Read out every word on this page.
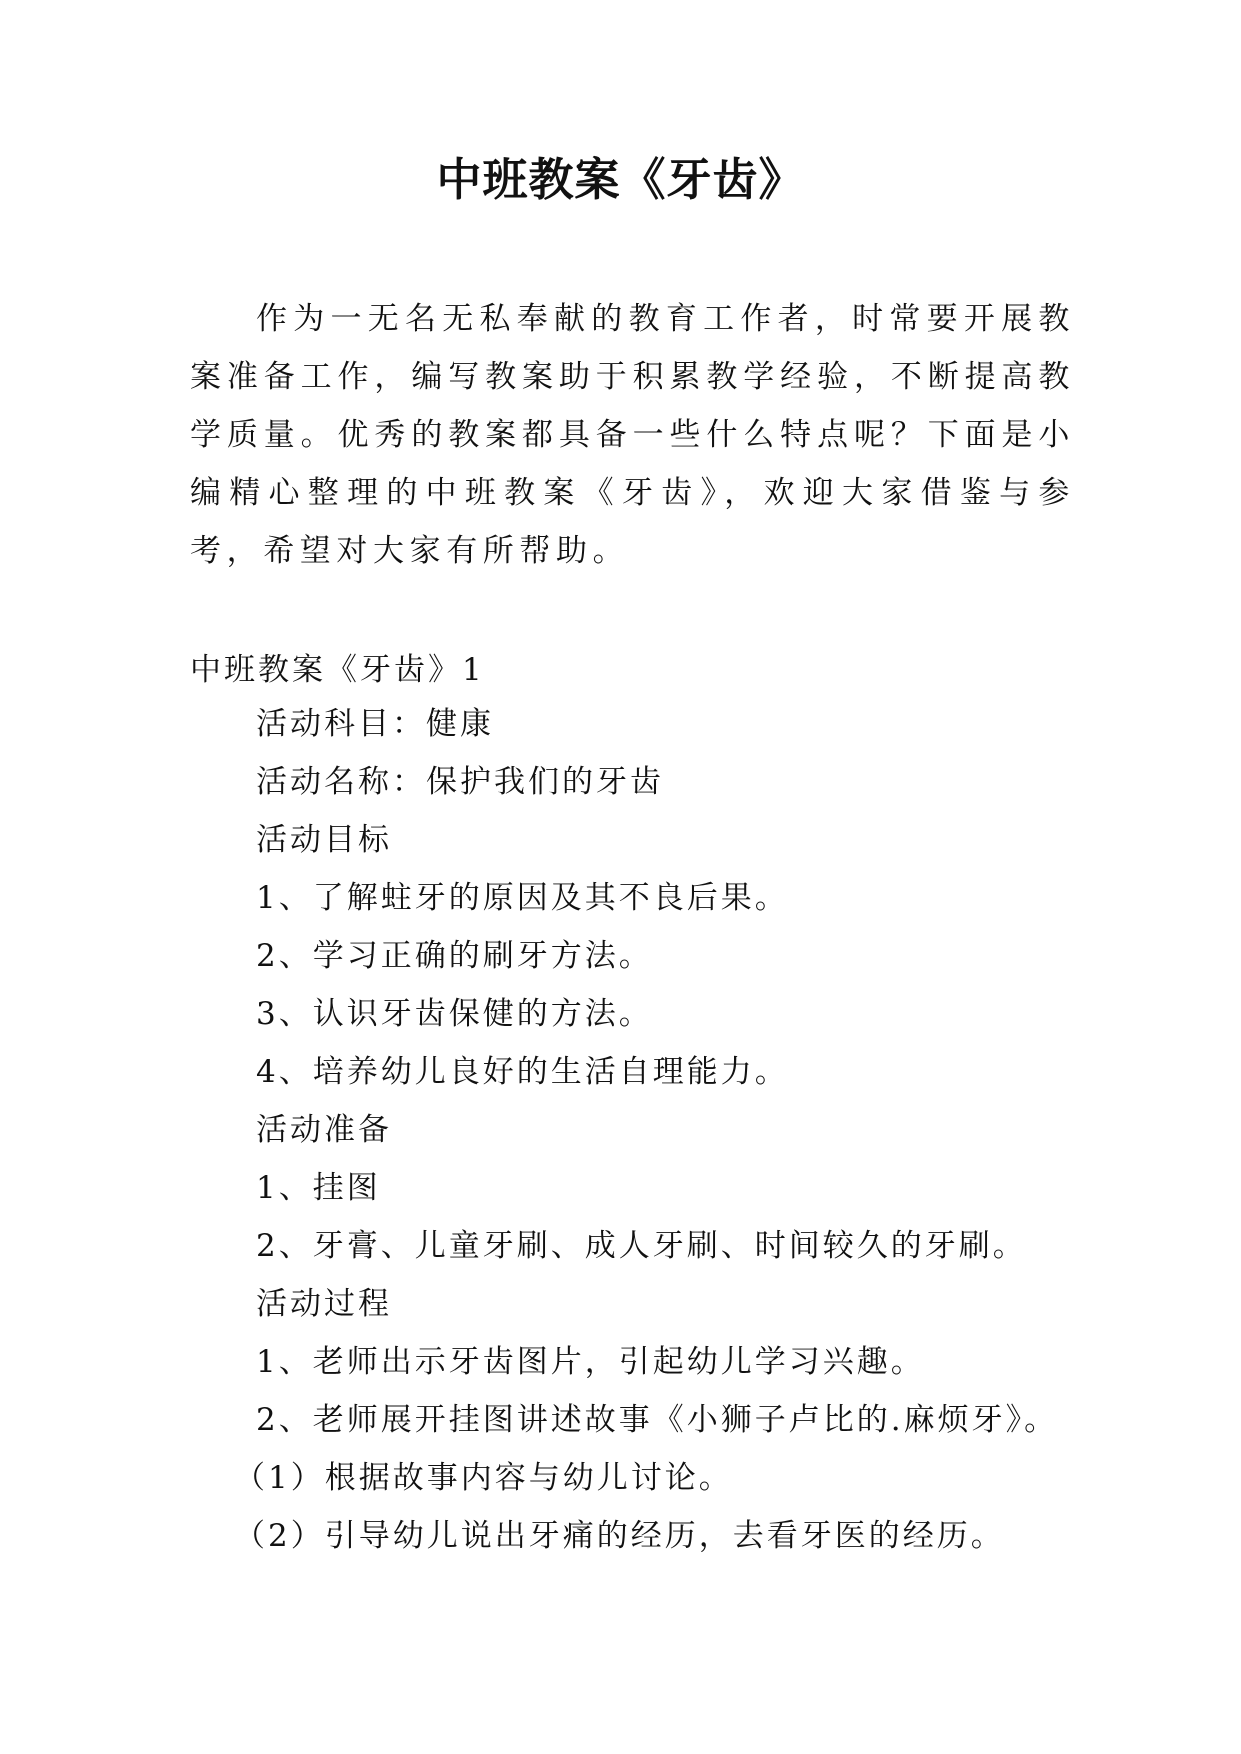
中班教案《牙齿》

作为一无名无私奉献的教育工作者，时常要开展教案准备工作，编写教案助于积累教学经验，不断提高教学质量。优秀的教案都具备一些什么特点呢？下面是小编精心整理的中班教案《牙齿》，欢迎大家借鉴与参考，希望对大家有所帮助。

中班教案《牙齿》1
活动科目：健康
活动名称：保护我们的牙齿
活动目标
1、了解蛀牙的原因及其不良后果。
2、学习正确的刷牙方法。
3、认识牙齿保健的方法。
4、培养幼儿良好的生活自理能力。
活动准备
1、挂图
2、牙膏、儿童牙刷、成人牙刷、时间较久的牙刷。
活动过程
1、老师出示牙齿图片，引起幼儿学习兴趣。
2、老师展开挂图讲述故事《小狮子卢比的.麻烦牙》。
（1）根据故事内容与幼儿讨论。
（2）引导幼儿说出牙痛的经历，去看牙医的经历。
